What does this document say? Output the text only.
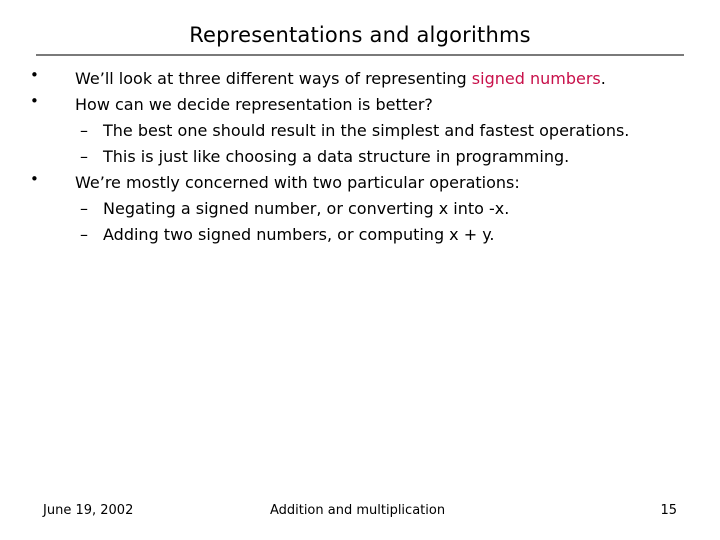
Representations and algorithms
• We’ll look at three different ways of representing signed numbers.
• How can we decide representation is better?
– The best one should result in the simplest and fastest operations.
– This is just like choosing a data structure in programming.
• We’re mostly concerned with two particular operations:
– Negating a signed number, or converting x into -x.
– Adding two signed numbers, or computing x + y.
June 19, 2002	Addition and multiplication	15
